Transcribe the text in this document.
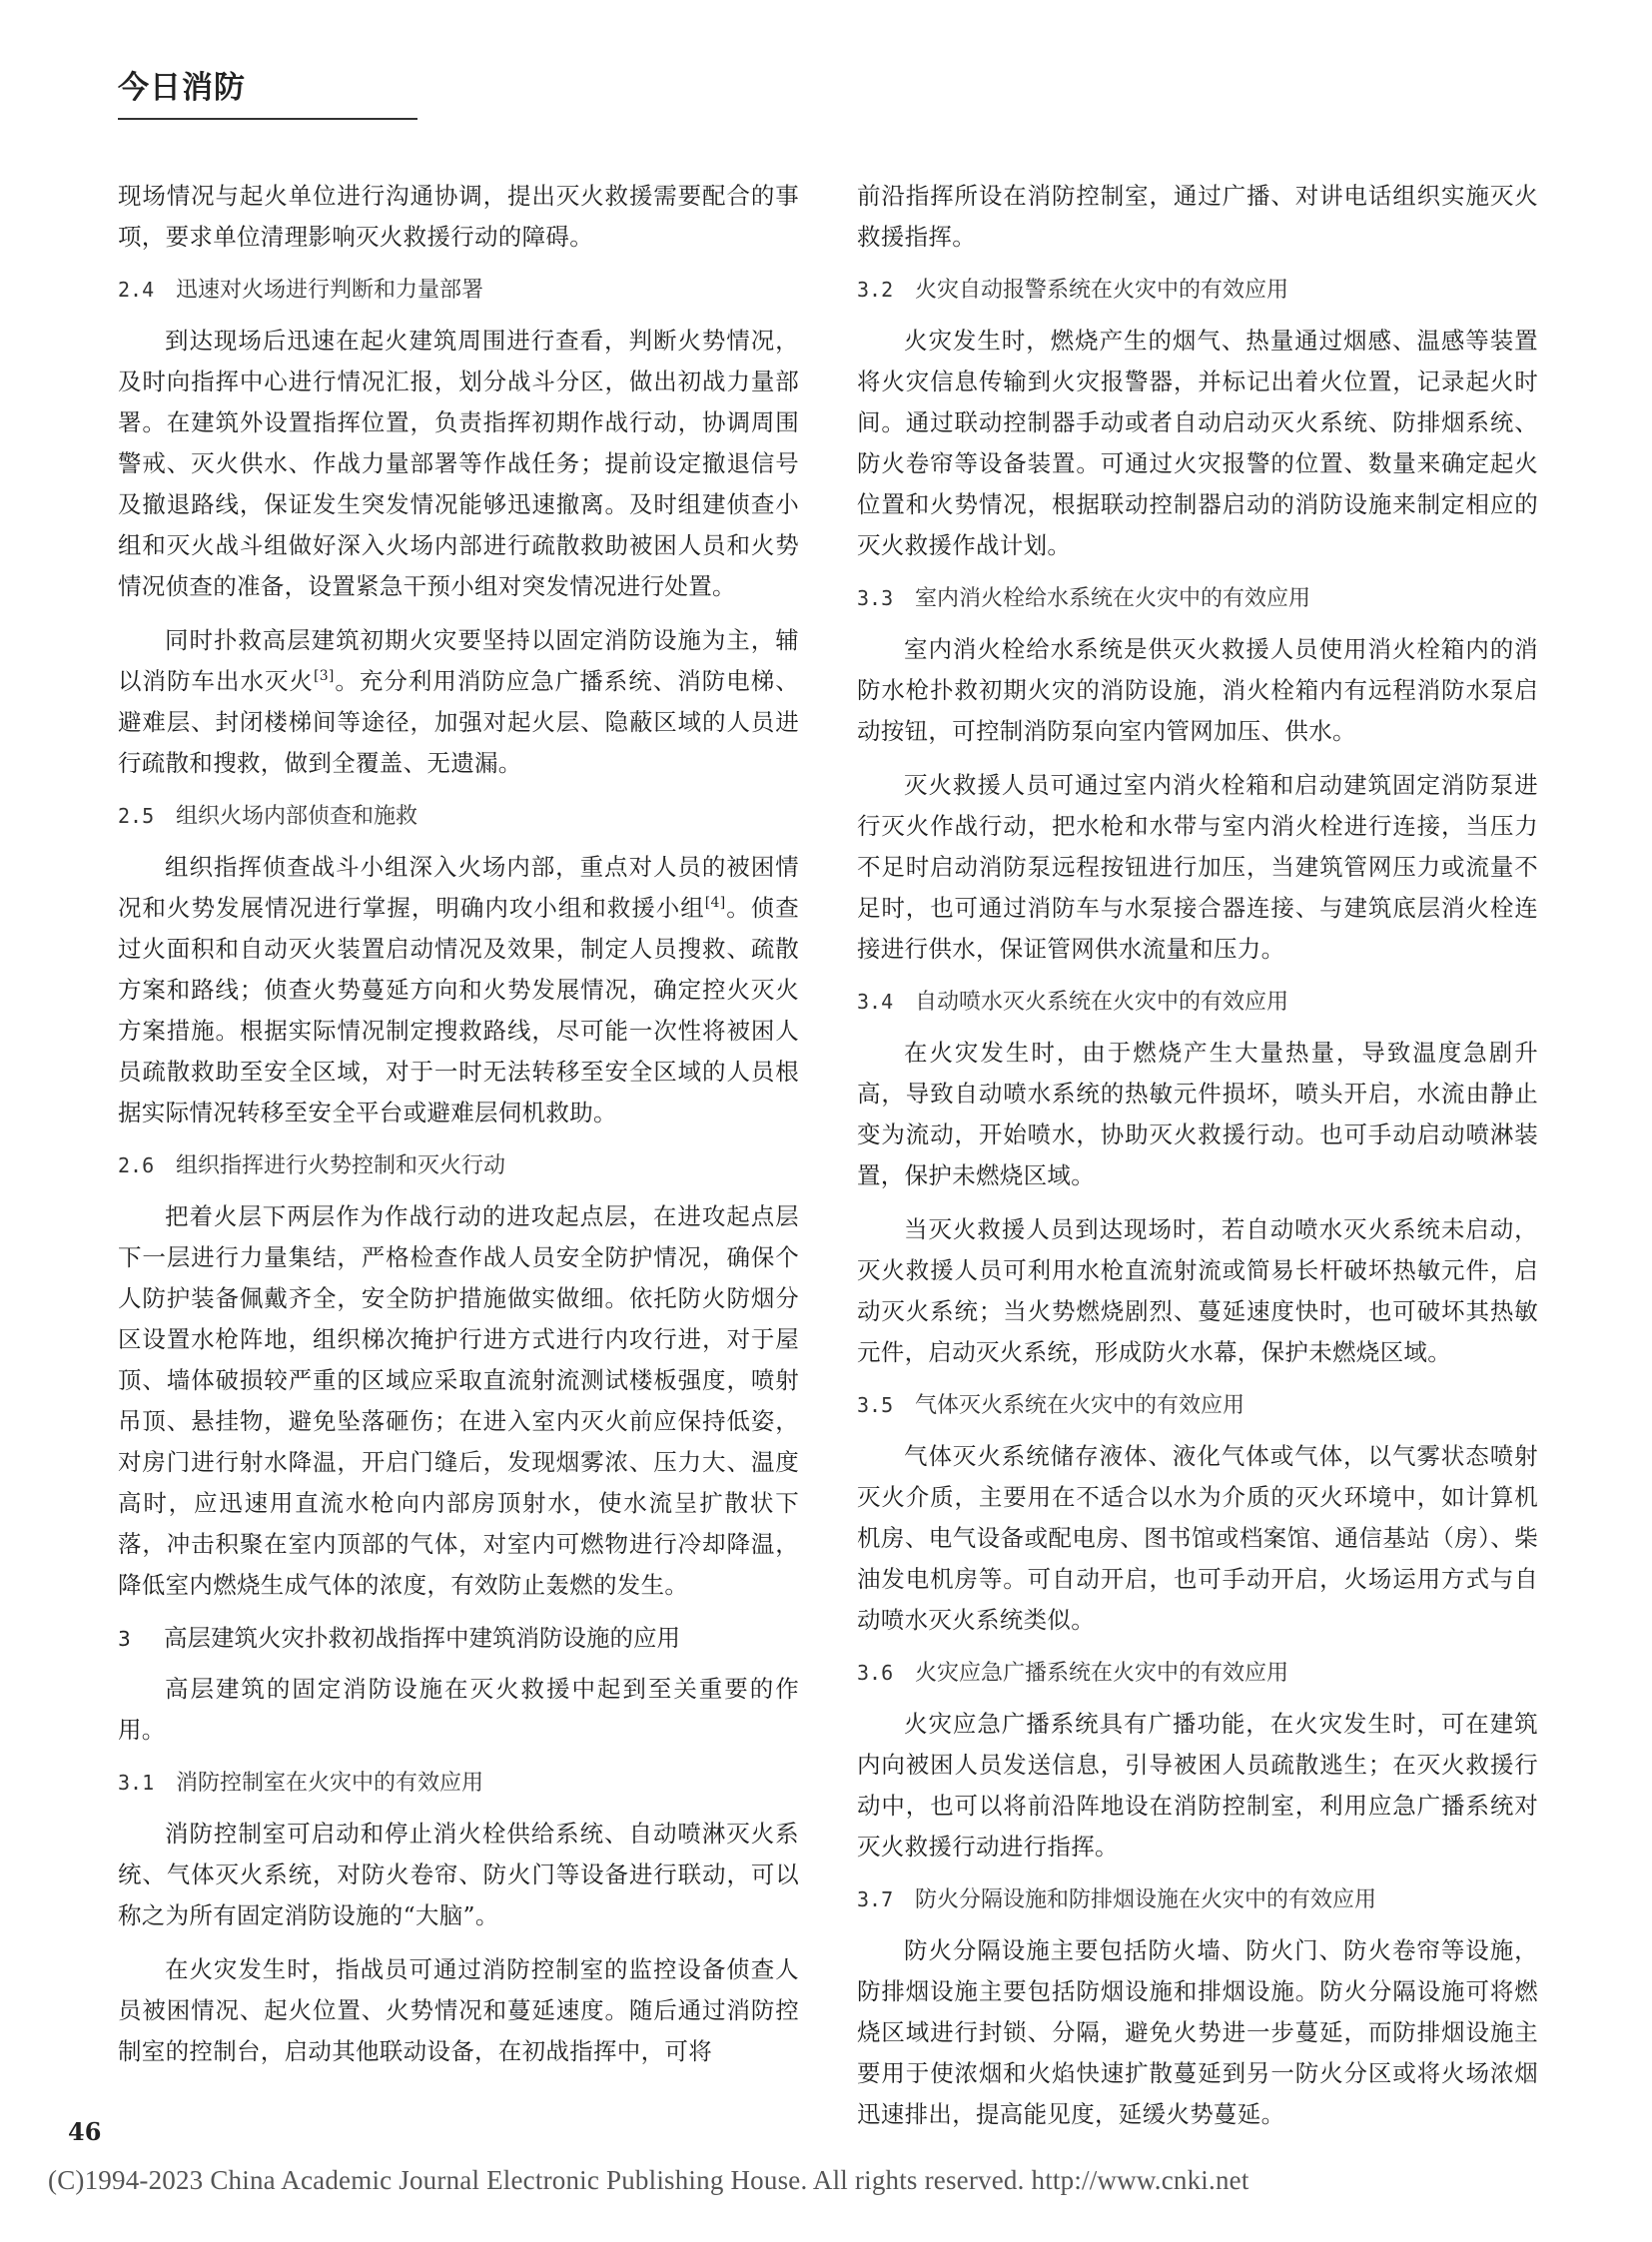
今日消防

现场情况与起火单位进行沟通协调，提出灭火救援需要配合的事项，要求单位清理影响灭火救援行动的障碍。

2.4 迅速对火场进行判断和力量部署

到达现场后迅速在起火建筑周围进行查看，判断火势情况，及时向指挥中心进行情况汇报，划分战斗分区，做出初战力量部署。在建筑外设置指挥位置，负责指挥初期作战行动，协调周围警戒、灭火供水、作战力量部署等作战任务；提前设定撤退信号及撤退路线，保证发生突发情况能够迅速撤离。及时组建侦查小组和灭火战斗组做好深入火场内部进行疏散救助被困人员和火势情况侦查的准备，设置紧急干预小组对突发情况进行处置。

同时扑救高层建筑初期火灾要坚持以固定消防设施为主，辅以消防车出水灭火[3]。充分利用消防应急广播系统、消防电梯、避难层、封闭楼梯间等途径，加强对起火层、隐蔽区域的人员进行疏散和搜救，做到全覆盖、无遗漏。

2.5 组织火场内部侦查和施救

组织指挥侦查战斗小组深入火场内部，重点对人员的被困情况和火势发展情况进行掌握，明确内攻小组和救援小组[4]。侦查过火面积和自动灭火装置启动情况及效果，制定人员搜救、疏散方案和路线；侦查火势蔓延方向和火势发展情况，确定控火灭火方案措施。根据实际情况制定搜救路线，尽可能一次性将被困人员疏散救助至安全区域，对于一时无法转移至安全区域的人员根据实际情况转移至安全平台或避难层伺机救助。

2.6 组织指挥进行火势控制和灭火行动

把着火层下两层作为作战行动的进攻起点层，在进攻起点层下一层进行力量集结，严格检查作战人员安全防护情况，确保个人防护装备佩戴齐全，安全防护措施做实做细。依托防火防烟分区设置水枪阵地，组织梯次掩护行进方式进行内攻行进，对于屋顶、墙体破损较严重的区域应采取直流射流测试楼板强度，喷射吊顶、悬挂物，避免坠落砸伤；在进入室内灭火前应保持低姿，对房门进行射水降温，开启门缝后，发现烟雾浓、压力大、温度高时，应迅速用直流水枪向内部房顶射水，使水流呈扩散状下落，冲击积聚在室内顶部的气体，对室内可燃物进行冷却降温，降低室内燃烧生成气体的浓度，有效防止轰燃的发生。

3 高层建筑火灾扑救初战指挥中建筑消防设施的应用

高层建筑的固定消防设施在灭火救援中起到至关重要的作用。

3.1 消防控制室在火灾中的有效应用

消防控制室可启动和停止消火栓供给系统、自动喷淋灭火系统、气体灭火系统，对防火卷帘、防火门等设备进行联动，可以称之为所有固定消防设施的“大脑”。

在火灾发生时，指战员可通过消防控制室的监控设备侦查人员被困情况、起火位置、火势情况和蔓延速度。随后通过消防控制室的控制台，启动其他联动设备，在初战指挥中，可将

前沿指挥所设在消防控制室，通过广播、对讲电话组织实施灭火救援指挥。

3.2 火灾自动报警系统在火灾中的有效应用

火灾发生时，燃烧产生的烟气、热量通过烟感、温感等装置将火灾信息传输到火灾报警器，并标记出着火位置，记录起火时间。通过联动控制器手动或者自动启动灭火系统、防排烟系统、防火卷帘等设备装置。可通过火灾报警的位置、数量来确定起火位置和火势情况，根据联动控制器启动的消防设施来制定相应的灭火救援作战计划。

3.3 室内消火栓给水系统在火灾中的有效应用

室内消火栓给水系统是供灭火救援人员使用消火栓箱内的消防水枪扑救初期火灾的消防设施，消火栓箱内有远程消防水泵启动按钮，可控制消防泵向室内管网加压、供水。

灭火救援人员可通过室内消火栓箱和启动建筑固定消防泵进行灭火作战行动，把水枪和水带与室内消火栓进行连接，当压力不足时启动消防泵远程按钮进行加压，当建筑管网压力或流量不足时，也可通过消防车与水泵接合器连接、与建筑底层消火栓连接进行供水，保证管网供水流量和压力。

3.4 自动喷水灭火系统在火灾中的有效应用

在火灾发生时，由于燃烧产生大量热量，导致温度急剧升高，导致自动喷水系统的热敏元件损坏，喷头开启，水流由静止变为流动，开始喷水，协助灭火救援行动。也可手动启动喷淋装置，保护未燃烧区域。

当灭火救援人员到达现场时，若自动喷水灭火系统未启动，灭火救援人员可利用水枪直流射流或简易长杆破坏热敏元件，启动灭火系统；当火势燃烧剧烈、蔓延速度快时，也可破坏其热敏元件，启动灭火系统，形成防火水幕，保护未燃烧区域。

3.5 气体灭火系统在火灾中的有效应用

气体灭火系统储存液体、液化气体或气体，以气雾状态喷射灭火介质，主要用在不适合以水为介质的灭火环境中，如计算机机房、电气设备或配电房、图书馆或档案馆、通信基站（房）、柴油发电机房等。可自动开启，也可手动开启，火场运用方式与自动喷水灭火系统类似。

3.6 火灾应急广播系统在火灾中的有效应用

火灾应急广播系统具有广播功能，在火灾发生时，可在建筑内向被困人员发送信息，引导被困人员疏散逃生；在灭火救援行动中，也可以将前沿阵地设在消防控制室，利用应急广播系统对灭火救援行动进行指挥。

3.7 防火分隔设施和防排烟设施在火灾中的有效应用

防火分隔设施主要包括防火墙、防火门、防火卷帘等设施，防排烟设施主要包括防烟设施和排烟设施。防火分隔设施可将燃烧区域进行封锁、分隔，避免火势进一步蔓延，而防排烟设施主要用于使浓烟和火焰快速扩散蔓延到另一防火分区或将火场浓烟迅速排出，提高能见度，延缓火势蔓延。

46
(C)1994-2023 China Academic Journal Electronic Publishing House. All rights reserved. http://www.cnki.net
